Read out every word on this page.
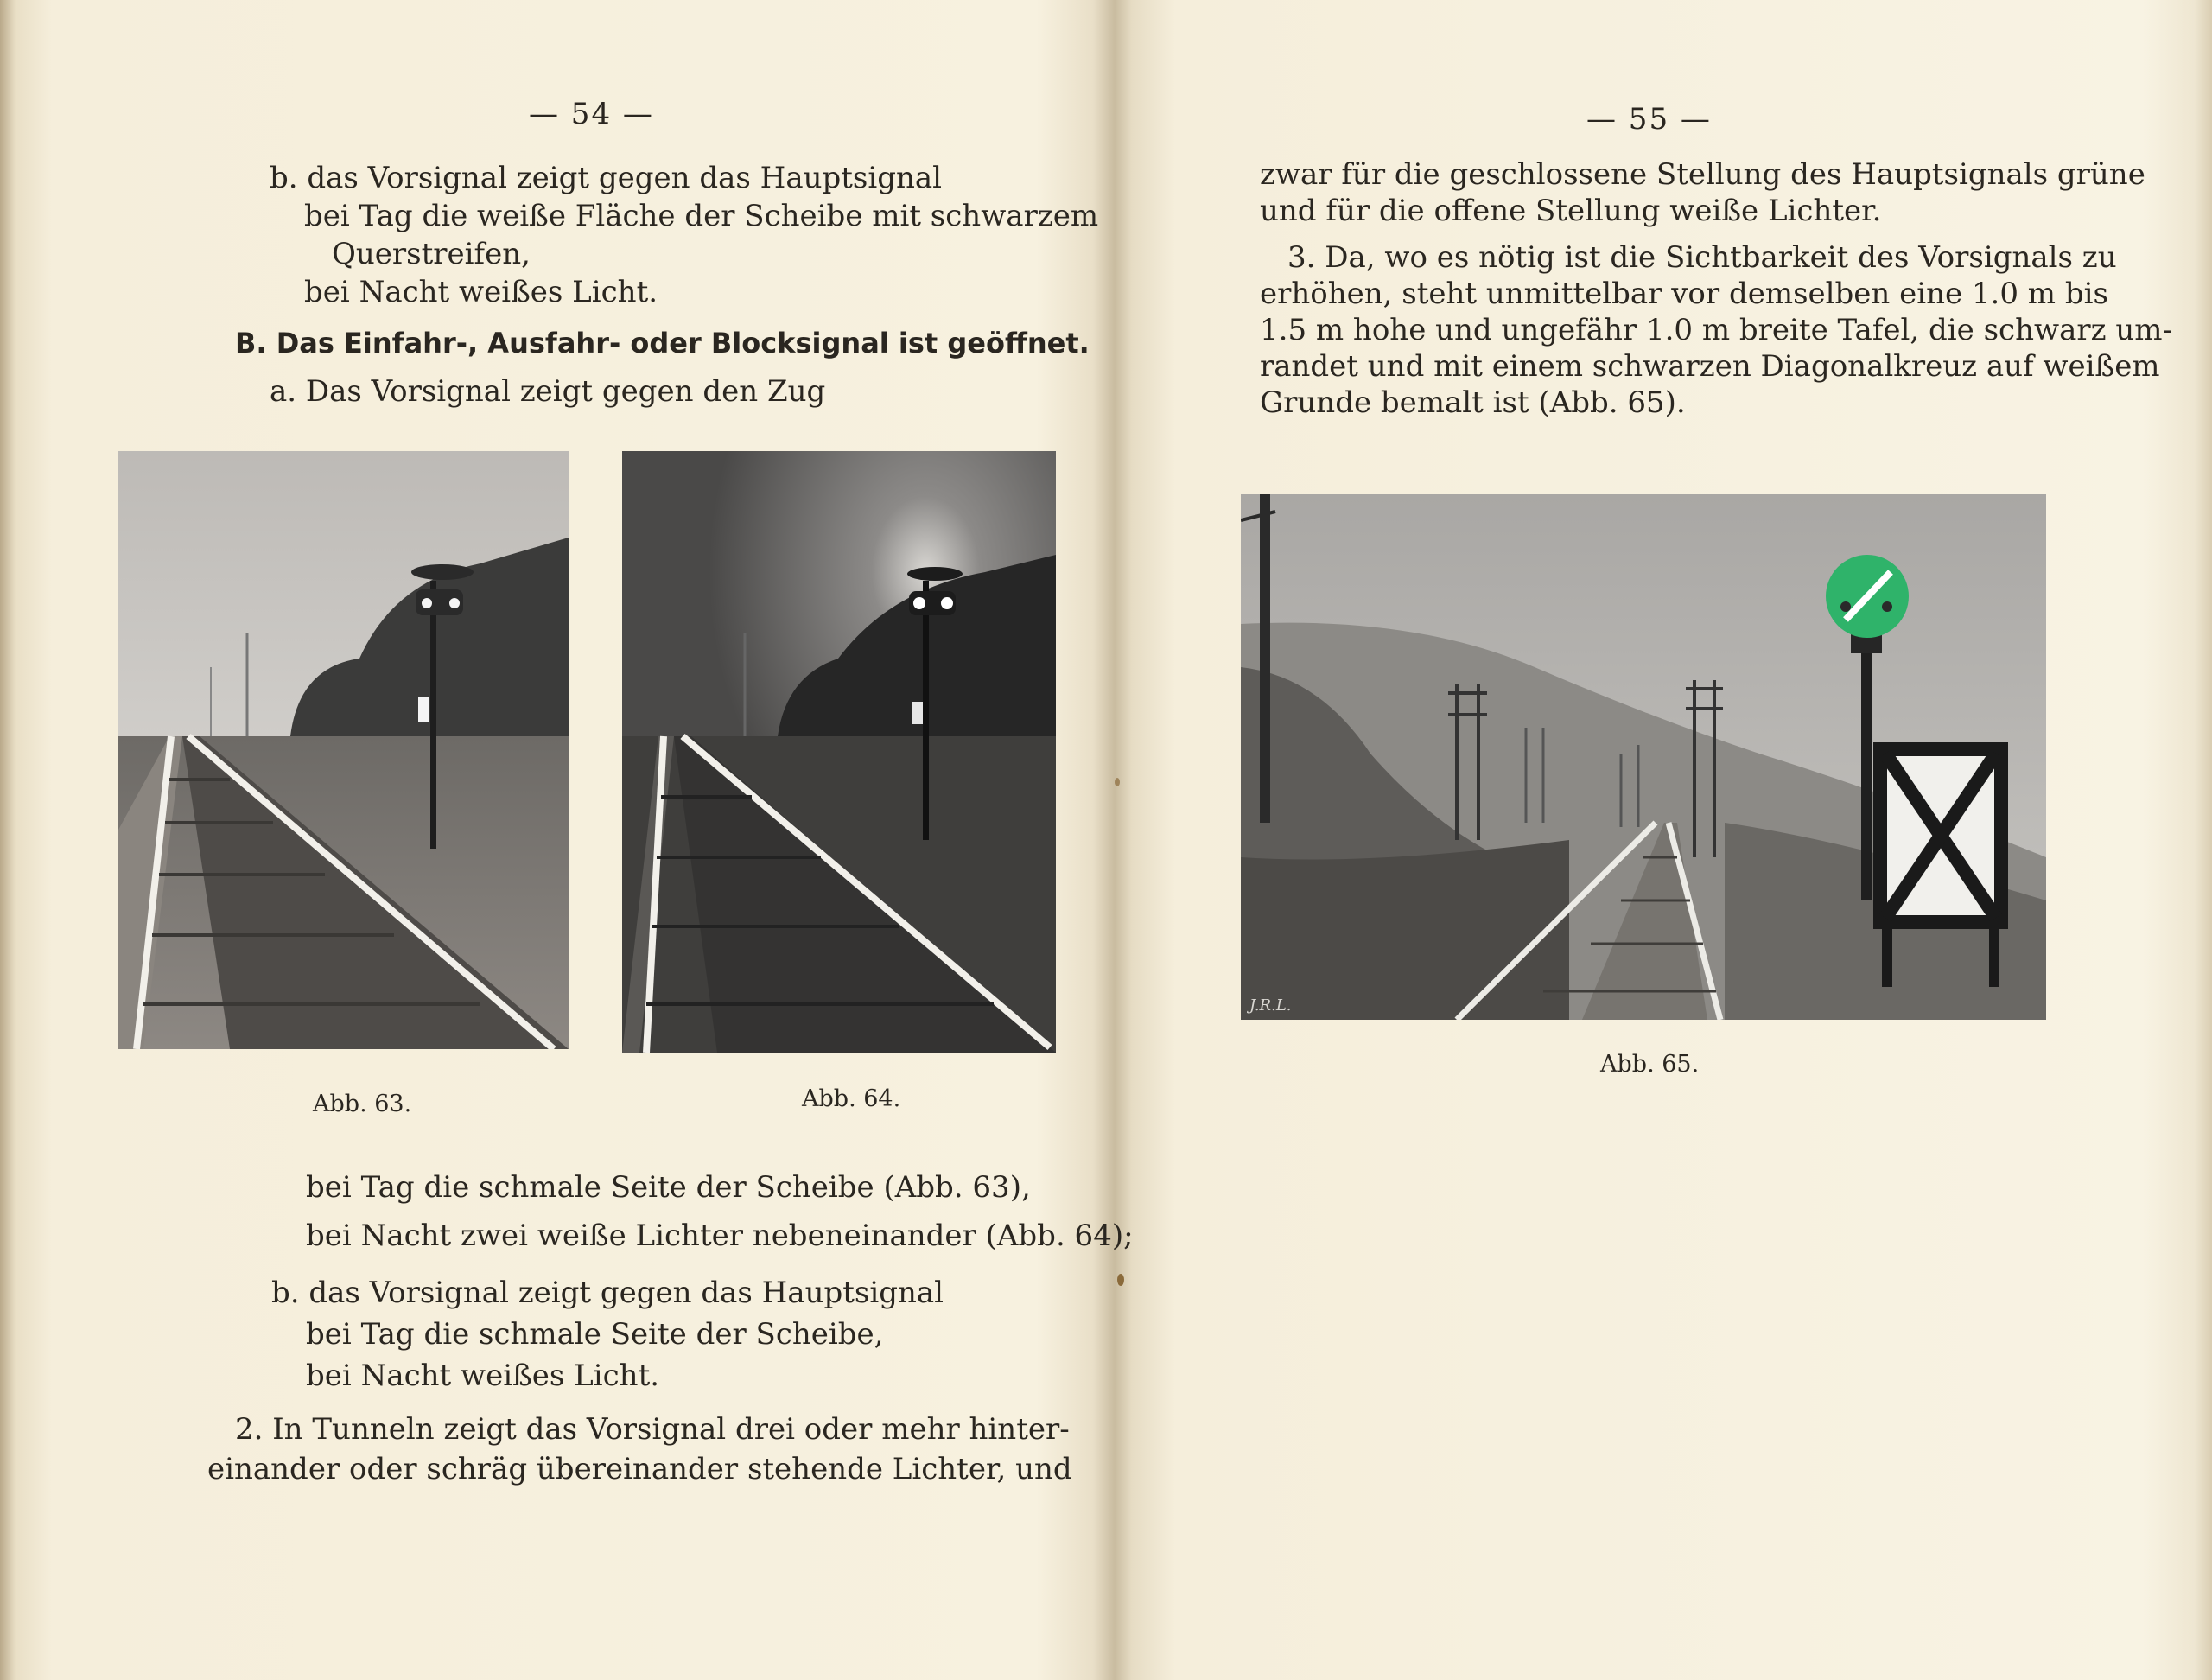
— 54 —
b. das Vorsignal zeigt gegen das Hauptsignal
bei Tag die weiße Fläche der Scheibe mit schwarzem
Querstreifen,
bei Nacht weißes Licht.
B. Das Einfahr-, Ausfahr- oder Blocksignal ist geöffnet.
a. Das Vorsignal zeigt gegen den Zug
Abb. 63.	Abb. 64.
bei Tag die schmale Seite der Scheibe (Abb. 63),
bei Nacht zwei weiße Lichter nebeneinander (Abb. 64);
b. das Vorsignal zeigt gegen das Hauptsignal
bei Tag die schmale Seite der Scheibe,
bei Nacht weißes Licht.
2. In Tunneln zeigt das Vorsignal drei oder mehr hinter-
einander oder schräg übereinander stehende Lichter, und
— 55 —
zwar für die geschlossene Stellung des Hauptsignals grüne
und für die offene Stellung weiße Lichter.
3. Da, wo es nötig ist die Sichtbarkeit des Vorsignals zu
erhöhen, steht unmittelbar vor demselben eine 1.0 m bis
1.5 m hohe und ungefähr 1.0 m breite Tafel, die schwarz um-
randet und mit einem schwarzen Diagonalkreuz auf weißem
Grunde bemalt ist (Abb. 65).
J.R.L.
Abb. 65.
